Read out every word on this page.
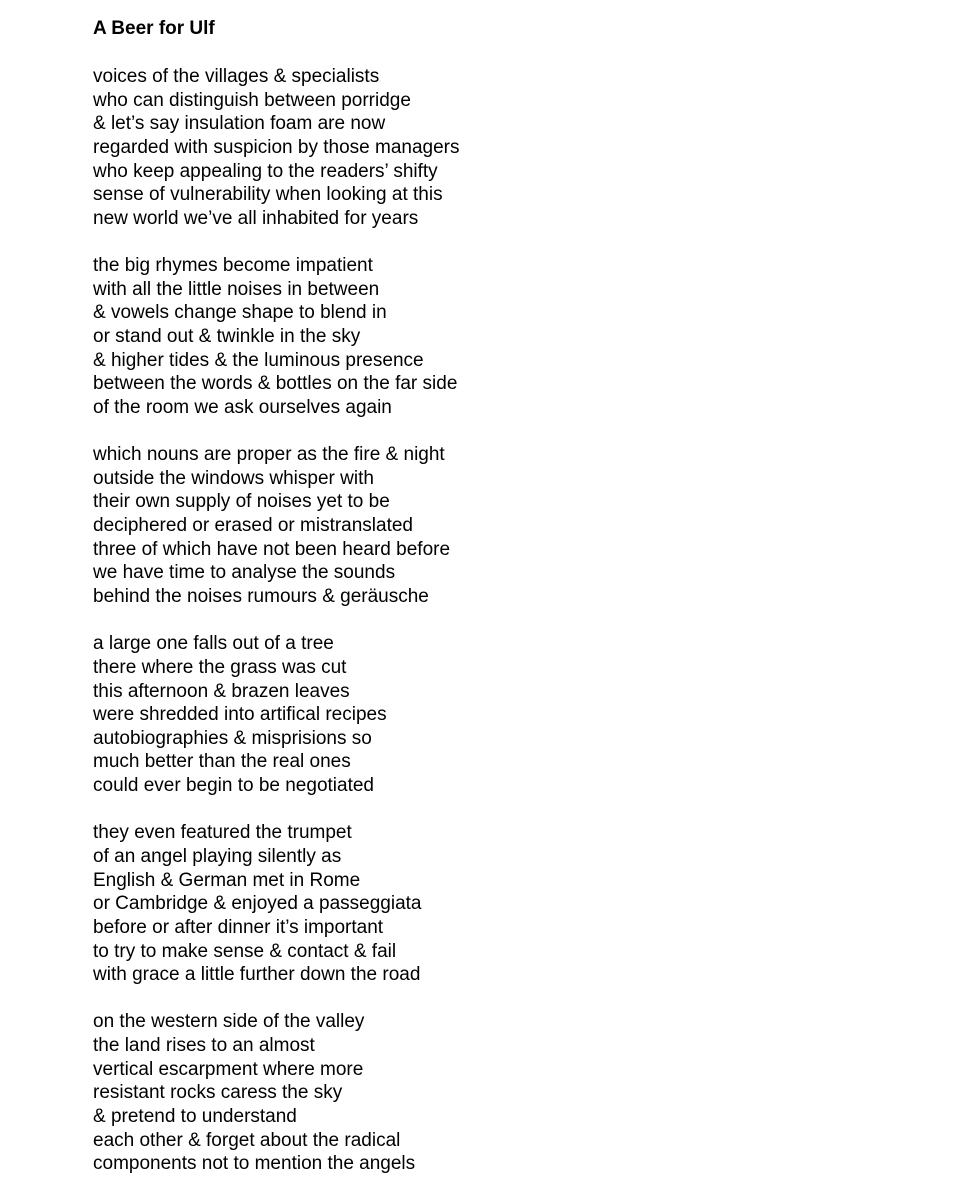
A Beer for Ulf
voices of the villages & specialists
who can distinguish between porridge
& let’s say insulation foam are now
regarded with suspicion by those managers
who keep appealing to the readers’ shifty
sense of vulnerability when looking at this
new world we’ve all inhabited for years
the big rhymes become impatient
with all the little noises in between
& vowels change shape to blend in
or stand out & twinkle in the sky
& higher tides & the luminous presence
between the words & bottles on the far side
of the room we ask ourselves again
which nouns are proper as the fire & night
outside the windows whisper with
their own supply of noises yet to be
deciphered or erased or mistranslated
three of which have not been heard before
we have time to analyse the sounds
behind the noises rumours & geräusche
a large one falls out of a tree
there where the grass was cut
this afternoon & brazen leaves
were shredded into artifical recipes
autobiographies & misprisions so
much better than the real ones
could ever begin to be negotiated
they even featured the trumpet
of an angel playing silently as
English & German met in Rome
or Cambridge & enjoyed a passeggiata
before or after dinner it’s important
to try to make sense & contact & fail
with grace a little further down the road
on the western side of the valley
the land rises to an almost
vertical escarpment where more
resistant rocks caress the sky
& pretend to understand
each other & forget about the radical
components not to mention the angels
